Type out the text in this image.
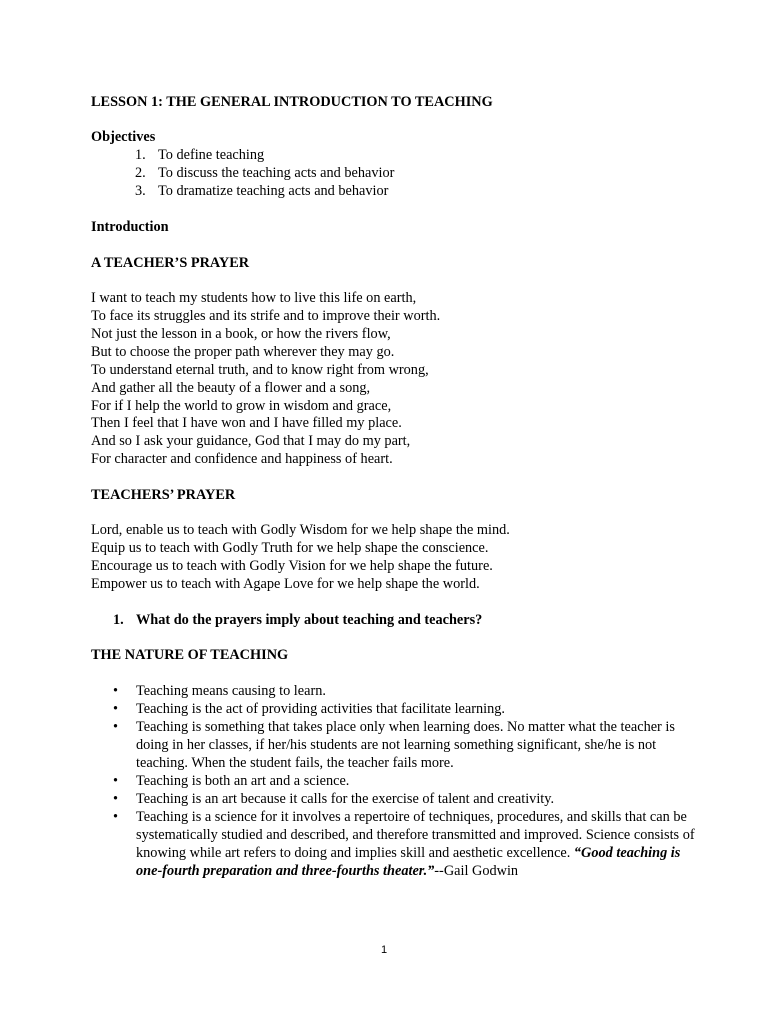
LESSON 1: THE GENERAL INTRODUCTION TO TEACHING
Objectives
1. To define teaching
2. To discuss the teaching acts and behavior
3. To dramatize teaching acts and behavior
Introduction
A TEACHER’S PRAYER
I want to teach my students how to live this life on earth,
To face its struggles and its strife and to improve their worth.
Not just the lesson in a book, or how the rivers flow,
But to choose the proper path wherever they may go.
To understand eternal truth, and to know right from wrong,
And gather all the beauty of a flower and a song,
For if I help the world to grow in wisdom and grace,
Then I feel that I have won and I have filled my place.
And so I ask your guidance, God that I may do my part,
For character and confidence and happiness of heart.
TEACHERS’ PRAYER
Lord, enable us to teach with Godly Wisdom for we help shape the mind.
Equip us to teach with Godly Truth for we help shape the conscience.
Encourage us to teach with Godly Vision for we help shape the future.
Empower us to teach with Agape Love for we help shape the world.
1. What do the prayers imply about teaching and teachers?
THE NATURE OF TEACHING
• Teaching means causing to learn.
• Teaching is the act of providing activities that facilitate learning.
• Teaching is something that takes place only when learning does. No matter what the teacher is doing in her classes, if her/his students are not learning something significant, she/he is not teaching. When the student fails, the teacher fails more.
• Teaching is both an art and a science.
• Teaching is an art because it calls for the exercise of talent and creativity.
• Teaching is a science for it involves a repertoire of techniques, procedures, and skills that can be systematically studied and described, and therefore transmitted and improved. Science consists of knowing while art refers to doing and implies skill and aesthetic excellence. “Good teaching is one-fourth preparation and three-fourths theater.”--Gail Godwin
1
